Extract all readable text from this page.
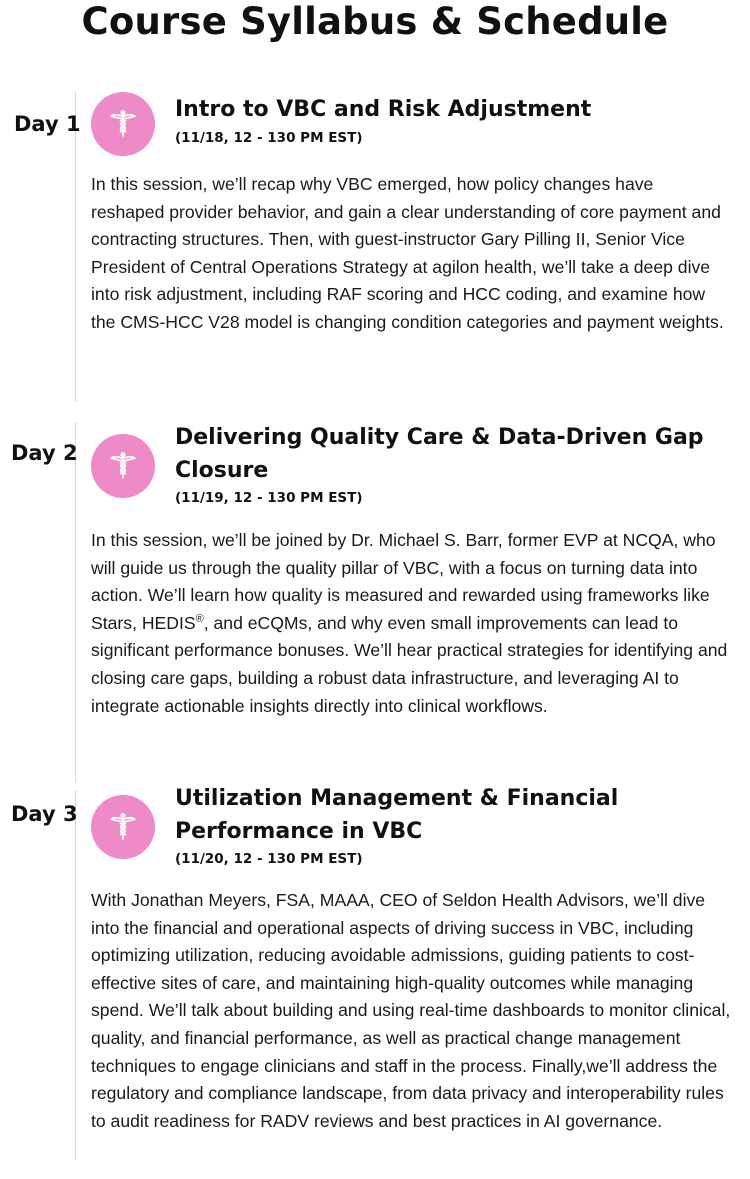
Course Syllabus & Schedule
Day 1
Intro to VBC and Risk Adjustment
(11/18, 12 - 130 PM EST)

In this session, we’ll recap why VBC emerged, how policy changes have reshaped provider behavior, and gain a clear understanding of core payment and contracting structures. Then, with guest-instructor Gary Pilling II, Senior Vice President of Central Operations Strategy at agilon health, we’ll take a deep dive into risk adjustment, including RAF scoring and HCC coding, and examine how the CMS-HCC V28 model is changing condition categories and payment weights.

Day 2
Delivering Quality Care & Data-Driven Gap Closure
(11/19, 12 - 130 PM EST)

In this session, we’ll be joined by Dr. Michael S. Barr, former EVP at NCQA, who will guide us through the quality pillar of VBC, with a focus on turning data into action. We’ll learn how quality is measured and rewarded using frameworks like Stars, HEDIS®, and eCQMs, and why even small improvements can lead to significant performance bonuses. We’ll hear practical strategies for identifying and closing care gaps, building a robust data infrastructure, and leveraging AI to integrate actionable insights directly into clinical workflows.

Day 3
Utilization Management & Financial Performance in VBC
(11/20, 12 - 130 PM EST)

With Jonathan Meyers, FSA, MAAA, CEO of Seldon Health Advisors, we’ll dive into the financial and operational aspects of driving success in VBC, including optimizing utilization, reducing avoidable admissions, guiding patients to cost-effective sites of care, and maintaining high-quality outcomes while managing spend. We’ll talk about building and using real-time dashboards to monitor clinical, quality, and financial performance, as well as practical change management techniques to engage clinicians and staff in the process. Finally,we’ll address the regulatory and compliance landscape, from data privacy and interoperability rules to audit readiness for RADV reviews and best practices in AI governance.
